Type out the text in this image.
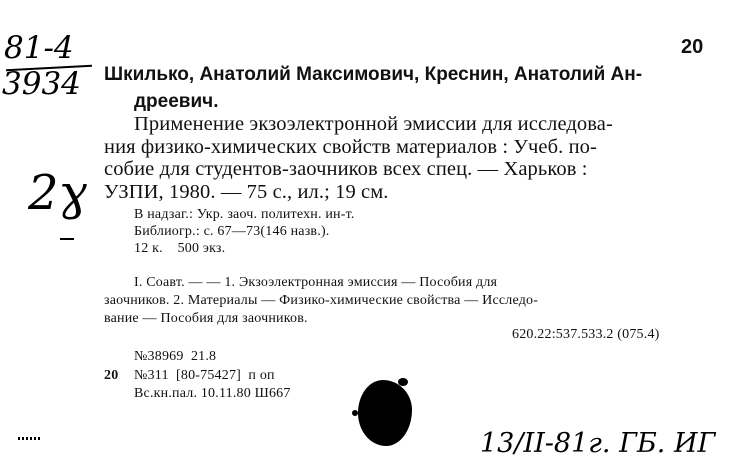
81-4
3934
2ɣ
20
Шкилько, Анатолий Максимович, Креснин, Анатолий Ан-
дреевич.
Применение экзоэлектронной эмиссии для исследова-
ния физико-химических свойств материалов : Учеб. по-
собие для студентов-заочников всех спец. — Харьков :
УЗПИ, 1980. — 75 с., ил.; 19 см.
В надзаг.: Укр. заоч. политехн. ин-т.
Библиогр.: с. 67—73(146 назв.).
12 к.    500 экз.
I. Соавт. — — 1. Экзоэлектронная эмиссия — Пособия для
заочников. 2. Материалы — Физико-химические свойства — Исследо-
вание — Пособия для заочников.
620.22:537.533.2 (075.4)
№38969  21.8
20 №311  [80-75427]  п оп
Вс.кн.пал. 10.11.80 Ш667
13/II-81г. ГБ. ИГ
